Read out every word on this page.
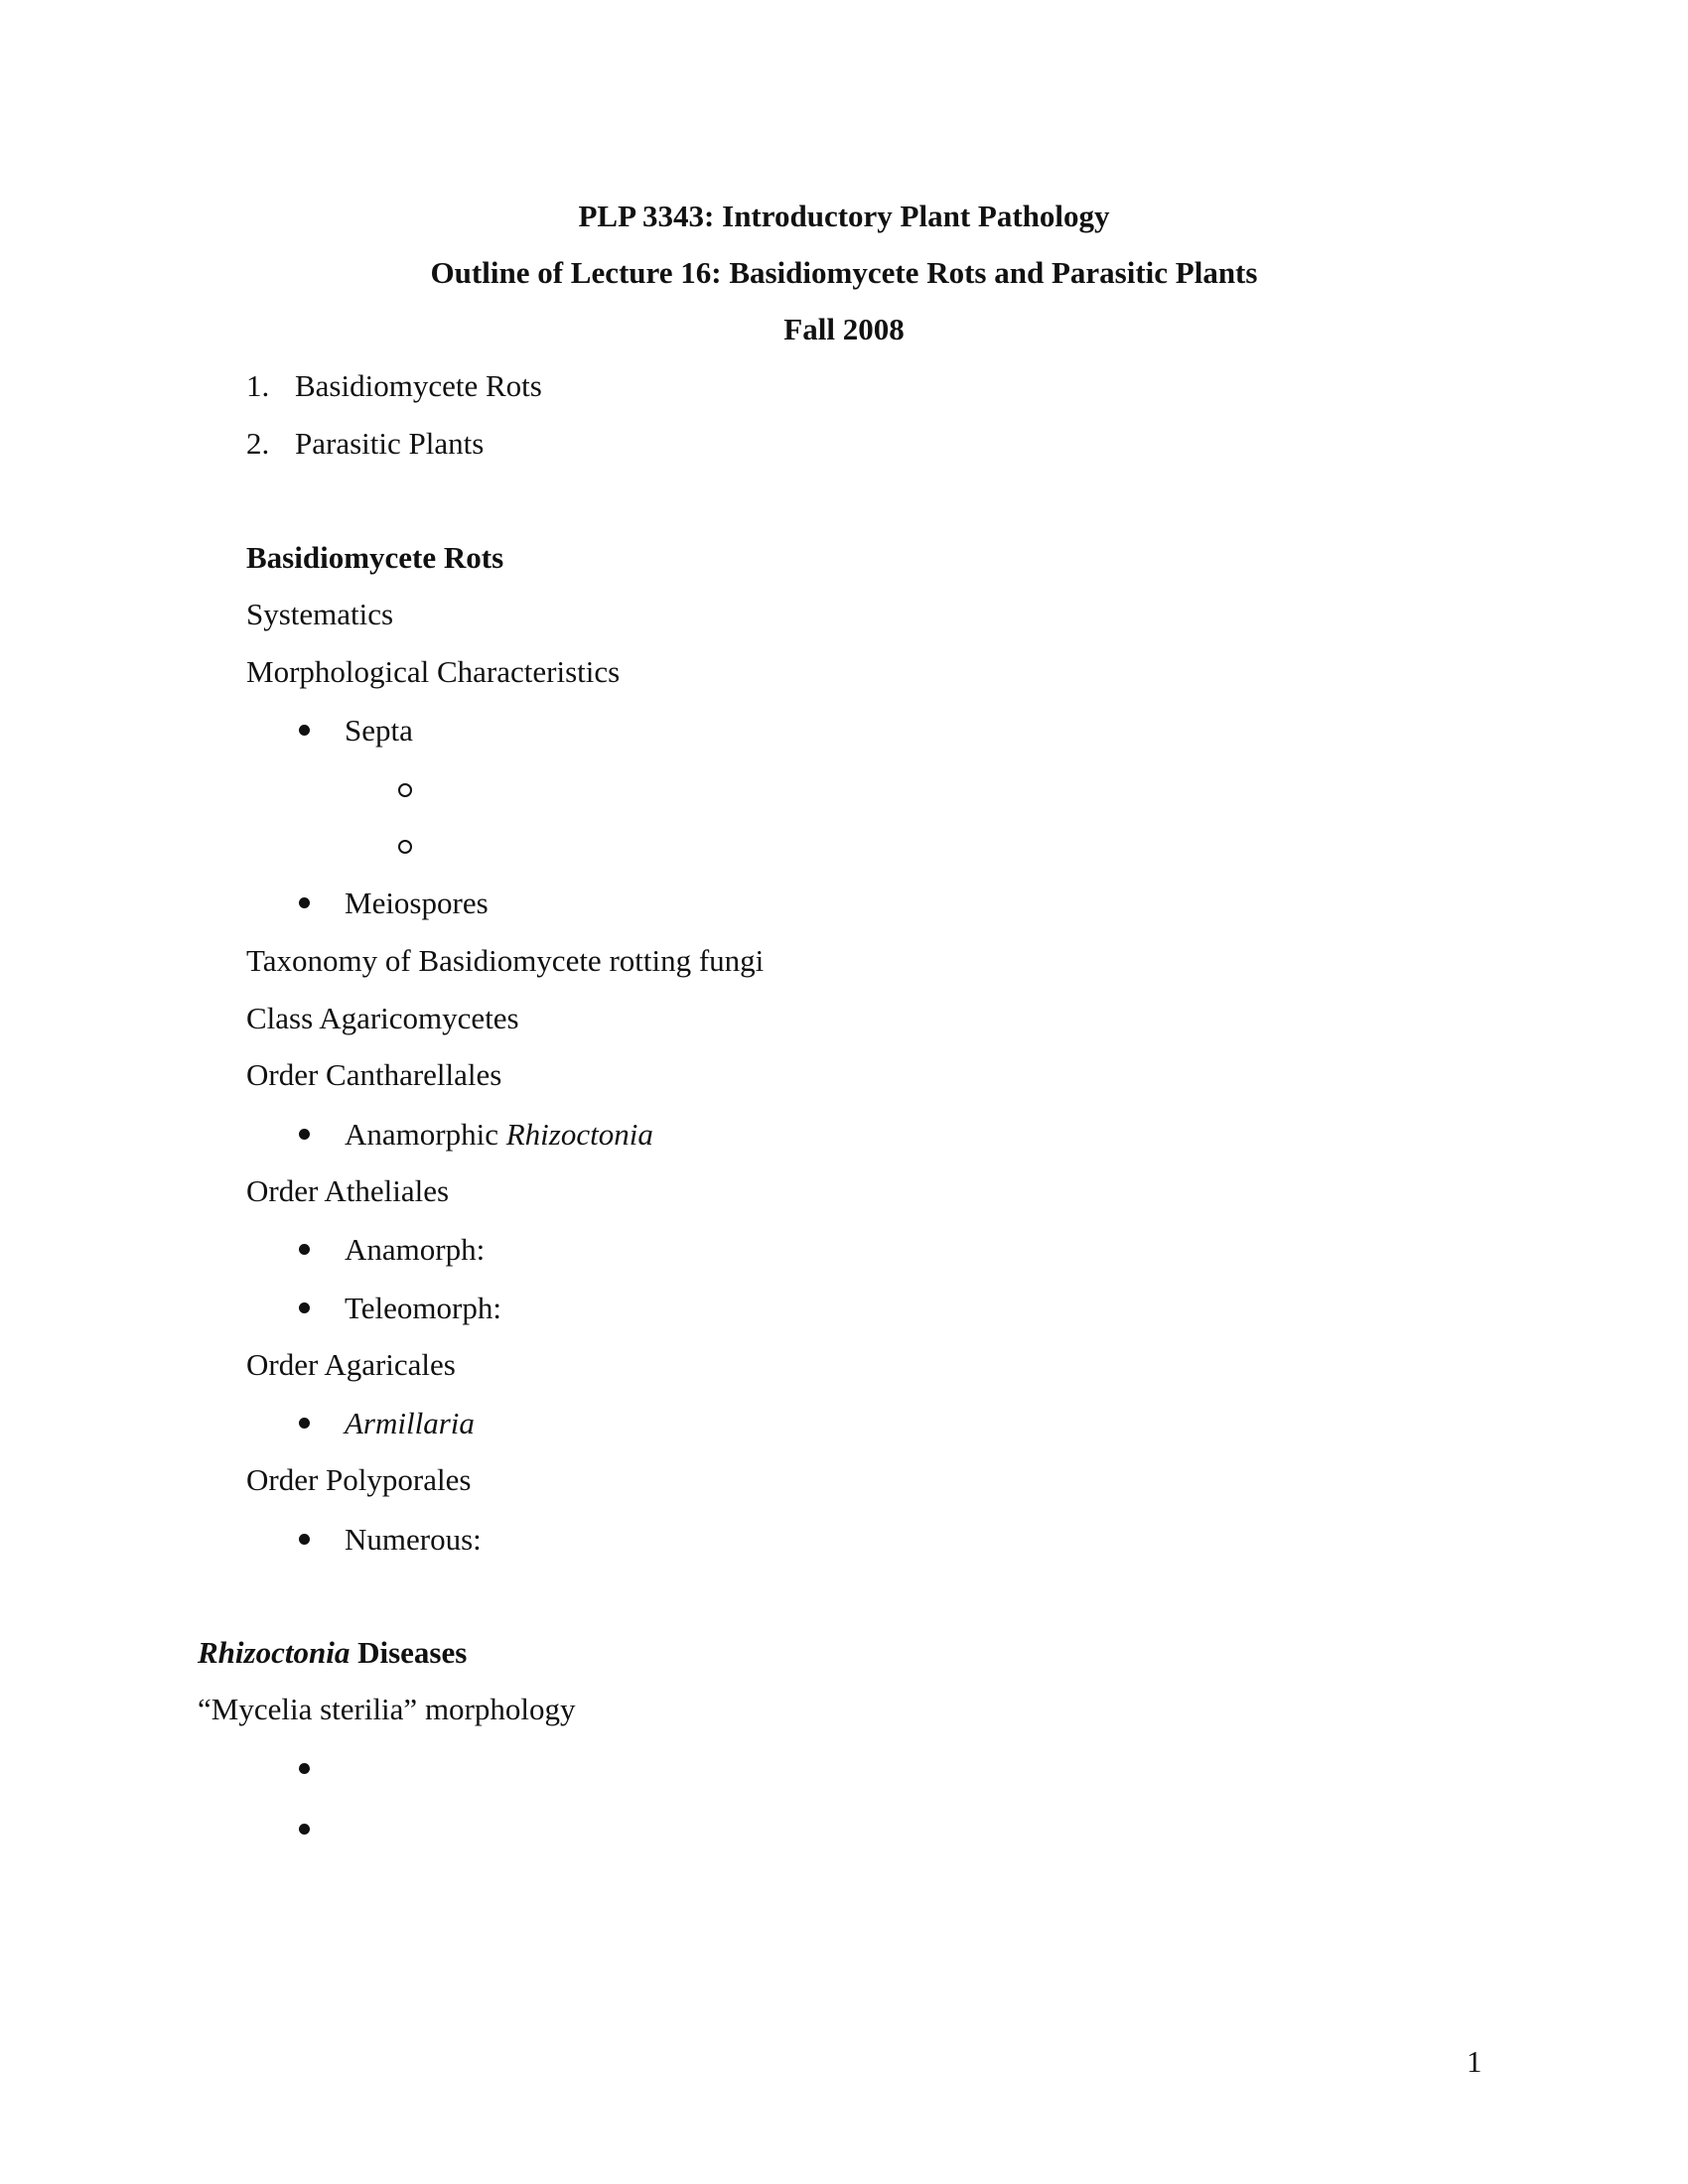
PLP 3343: Introductory Plant Pathology

Outline of Lecture 16: Basidiomycete Rots and Parasitic Plants

Fall 2008

1. Basidiomycete Rots

2. Parasitic Plants

Basidiomycete Rots

Systematics

Morphological Characteristics

Septa

Meiospores

Taxonomy of Basidiomycete rotting fungi

Class Agaricomycetes

Order Cantharellales

Anamorphic Rhizoctonia

Order Atheliales

Anamorph:

Teleomorph:

Order Agaricales

Armillaria

Order Polyporales

Numerous:

Rhizoctonia Diseases

“Mycelia sterilia” morphology

1
